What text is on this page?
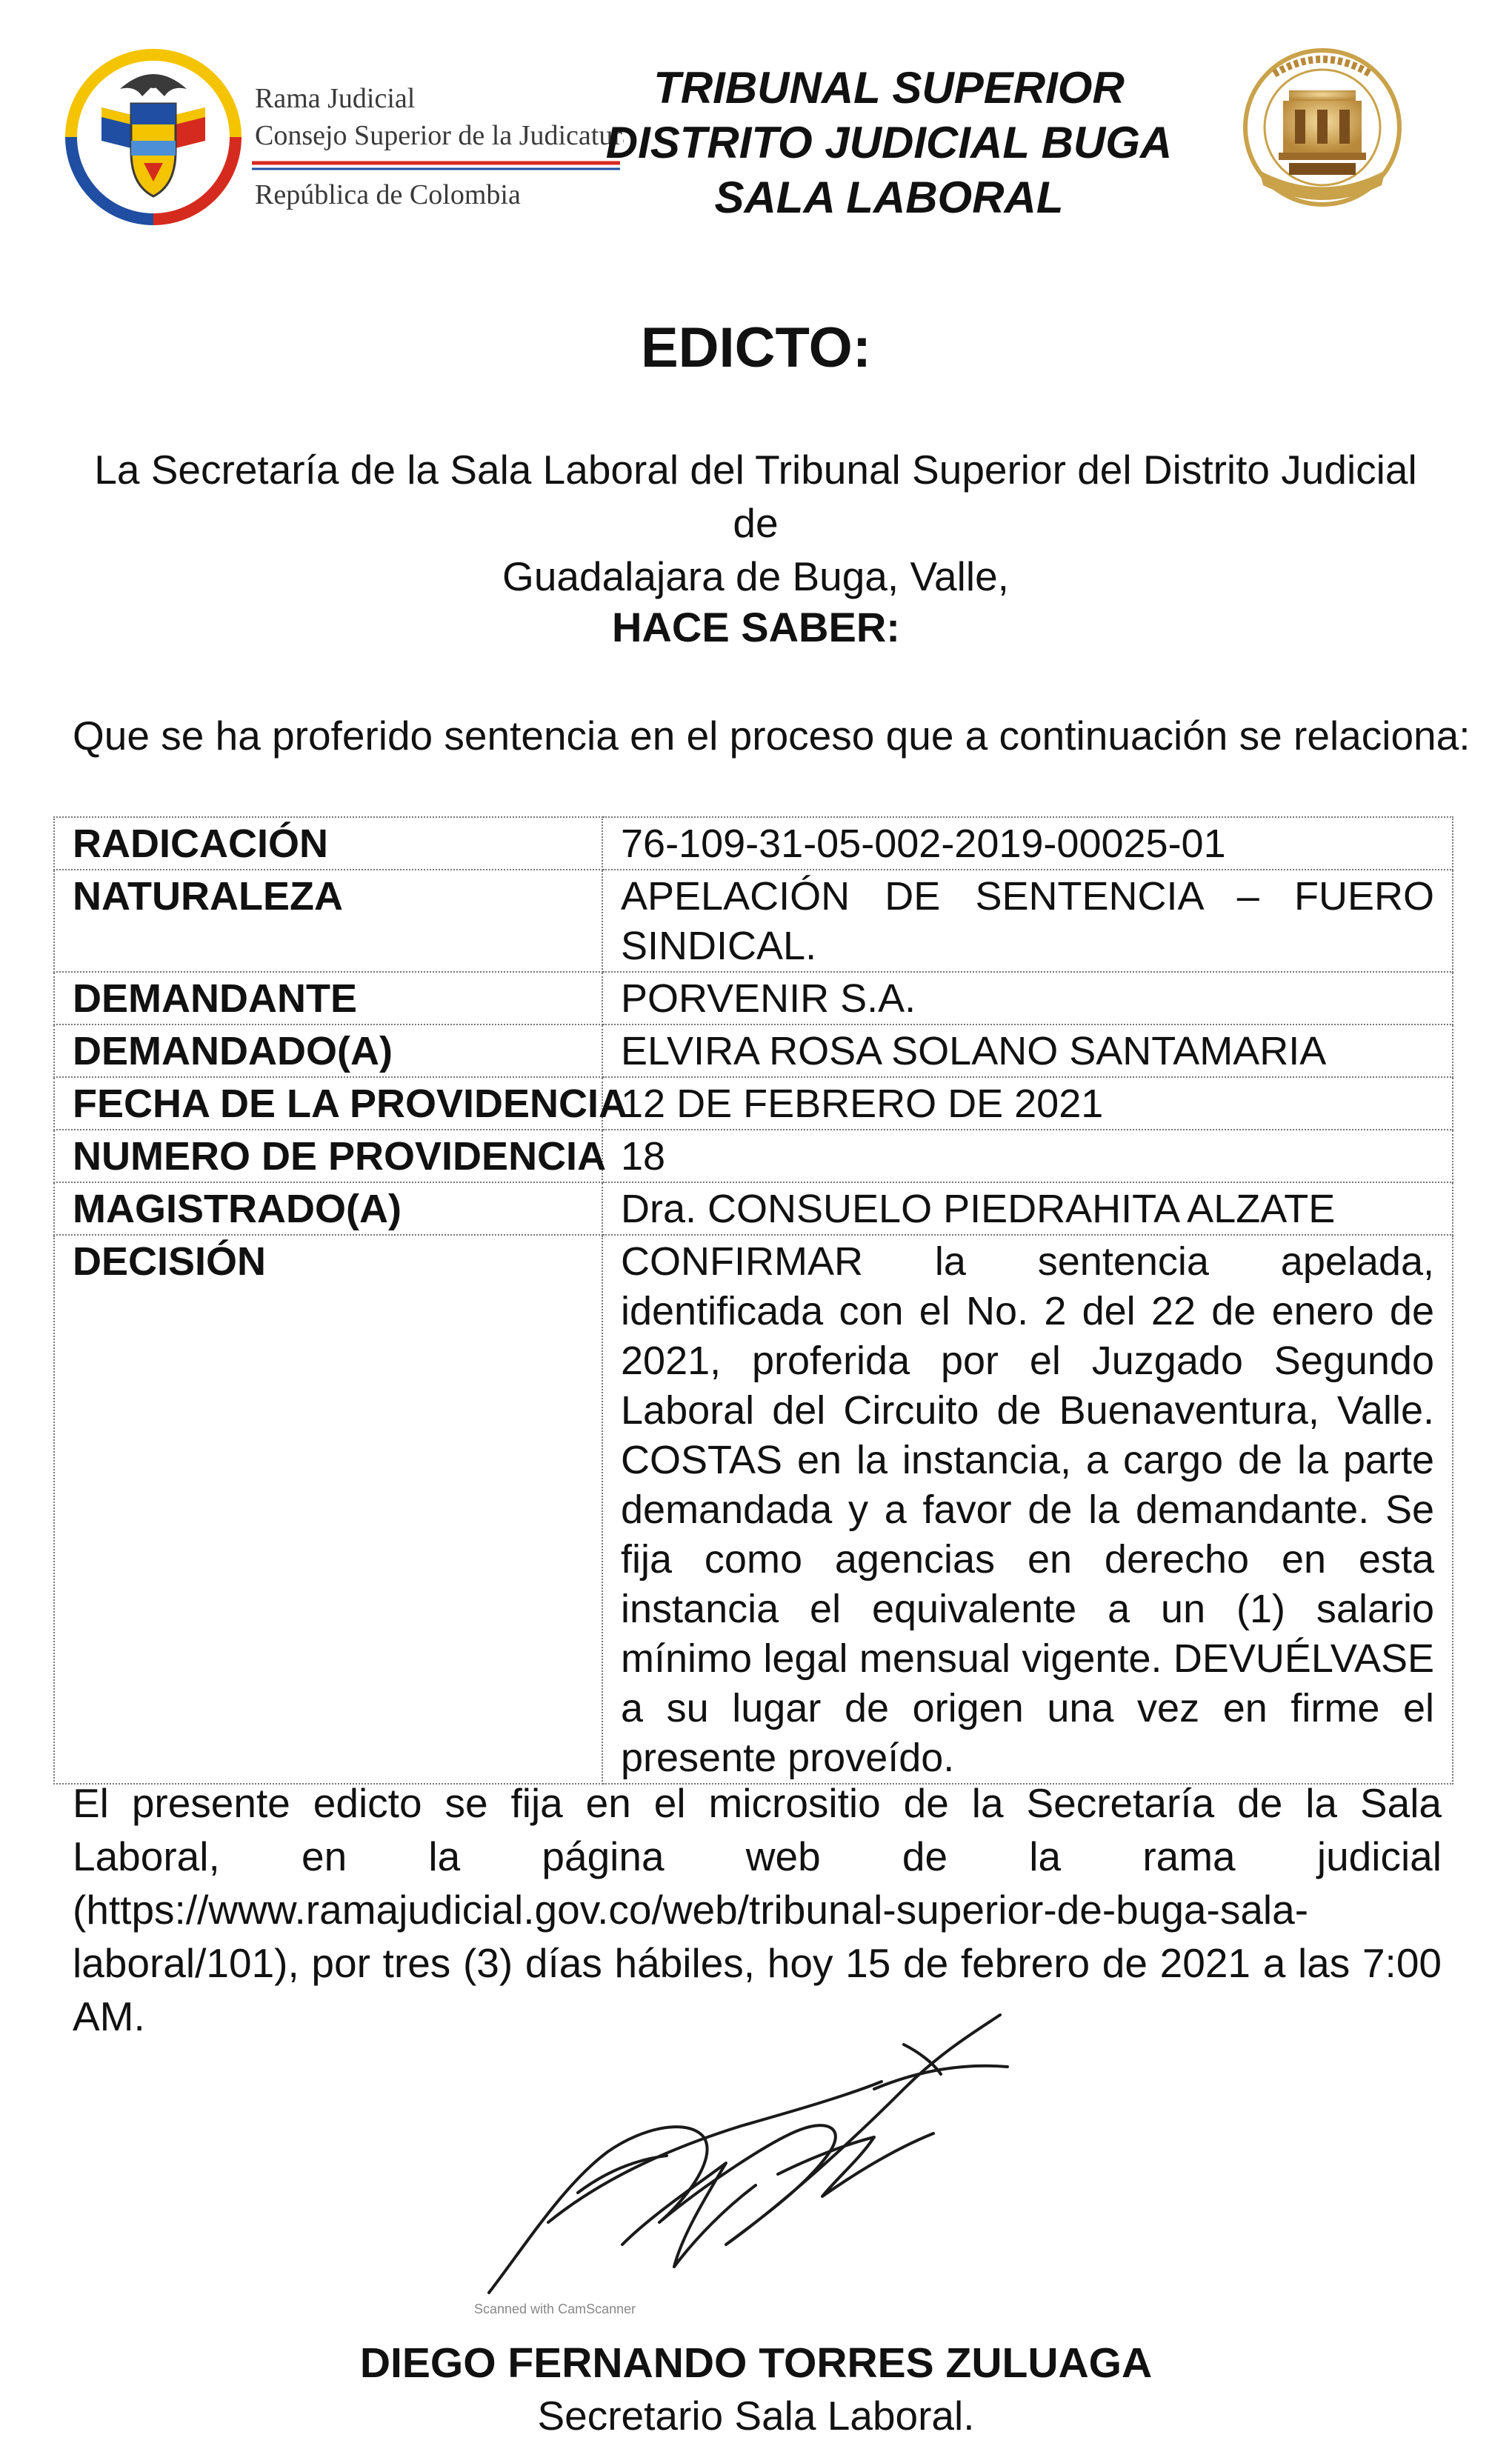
Rama Judicial
Consejo Superior de la Judicatura
República de Colombia
TRIBUNAL SUPERIOR
DISTRITO JUDICIAL BUGA
SALA LABORAL
EDICTO:
La Secretaría de la Sala Laboral del Tribunal Superior del Distrito Judicial de
Guadalajara de Buga, Valle,
HACE SABER:
Que se ha proferido sentencia en el proceso que a continuación se relaciona:
RADICACIÓN	76-109-31-05-002-2019-00025-01
NATURALEZA	APELACIÓN DE SENTENCIA – FUERO SINDICAL.
DEMANDANTE	PORVENIR S.A.
DEMANDADO(A)	ELVIRA ROSA SOLANO SANTAMARIA
FECHA DE LA PROVIDENCIA	12 DE FEBRERO DE 2021
NUMERO DE PROVIDENCIA	18
MAGISTRADO(A)	Dra. CONSUELO PIEDRAHITA ALZATE
DECISIÓN	CONFIRMAR la sentencia apelada, identificada con el No. 2 del 22 de enero de 2021, proferida por el Juzgado Segundo Laboral del Circuito de Buenaventura, Valle. COSTAS en la instancia, a cargo de la parte demandada y a favor de la demandante. Se fija como agencias en derecho en esta instancia el equivalente a un (1) salario mínimo legal mensual vigente. DEVUÉLVASE a su lugar de origen una vez en firme el presente proveído.
El presente edicto se fija en el micrositio de la Secretaría de la Sala Laboral, en la página web de la rama judicial (https://www.ramajudicial.gov.co/web/tribunal-superior-de-buga-sala-laboral/101), por tres (3) días hábiles, hoy 15 de febrero de 2021 a las 7:00 AM.
Scanned with CamScanner
DIEGO FERNANDO TORRES ZULUAGA
Secretario Sala Laboral.
